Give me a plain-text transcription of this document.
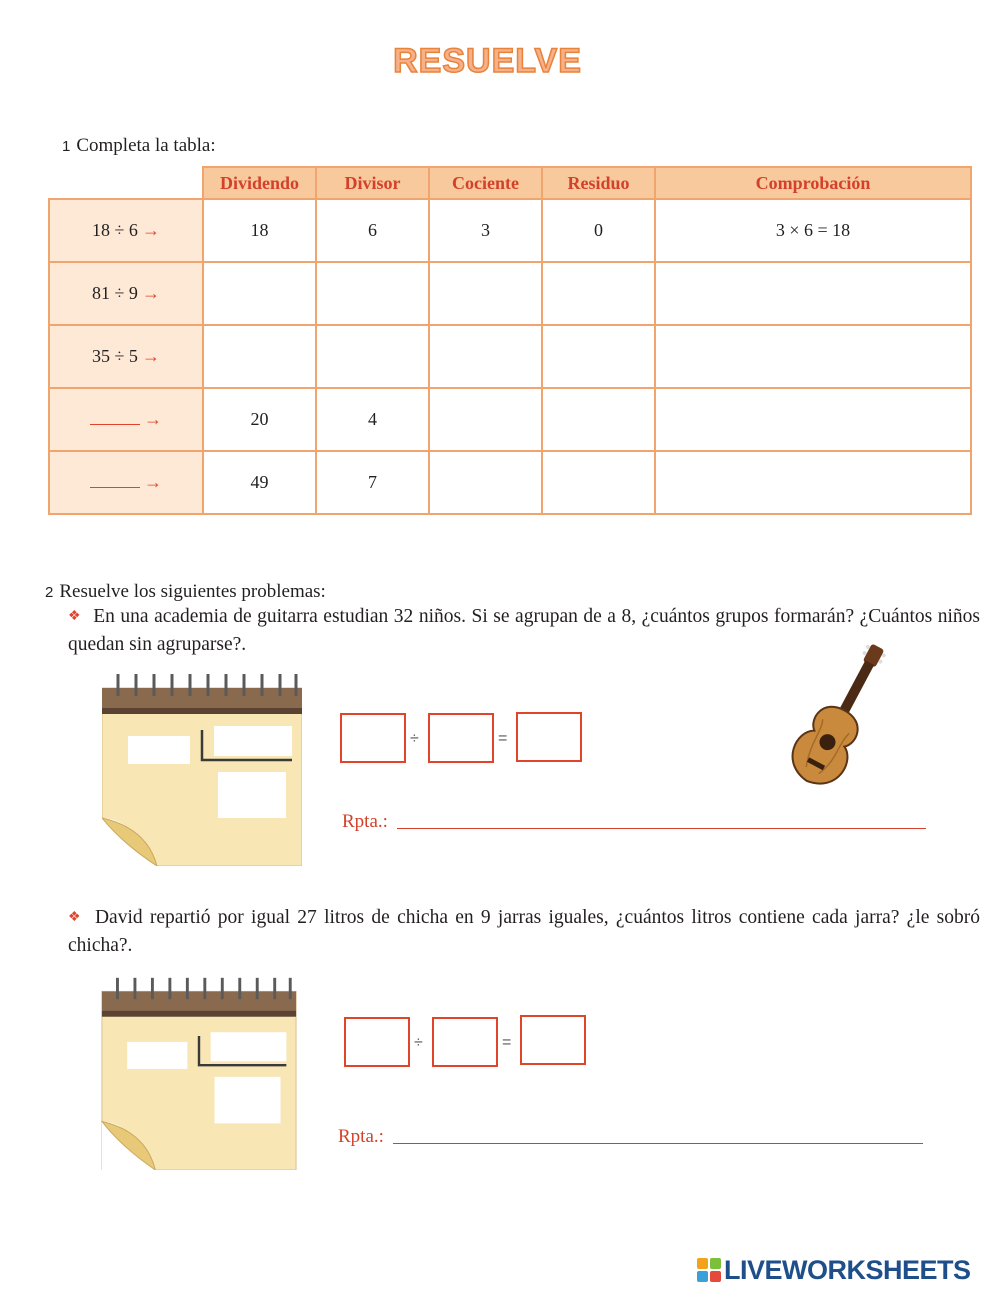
RESUELVE
1 Completa la tabla:
	Dividendo	Divisor	Cociente	Residuo	Comprobación
18 ÷ 6 →	18	6	3	0	3 × 6 = 18
81 ÷ 9 →					
35 ÷ 5 →					
→	20	4			
→	49	7			
2 Resuelve los siguientes problemas:
❖ En una academia de guitarra estudian 32 niños. Si se agrupan de a 8, ¿cuántos grupos formarán? ¿Cuántos niños quedan sin agruparse?.
÷	=
Rpta.:
❖ David repartió por igual 27 litros de chicha en 9 jarras iguales, ¿cuántos litros contiene cada jarra? ¿le sobró chicha?.
÷	=
Rpta.:
LIVEWORKSHEETS
